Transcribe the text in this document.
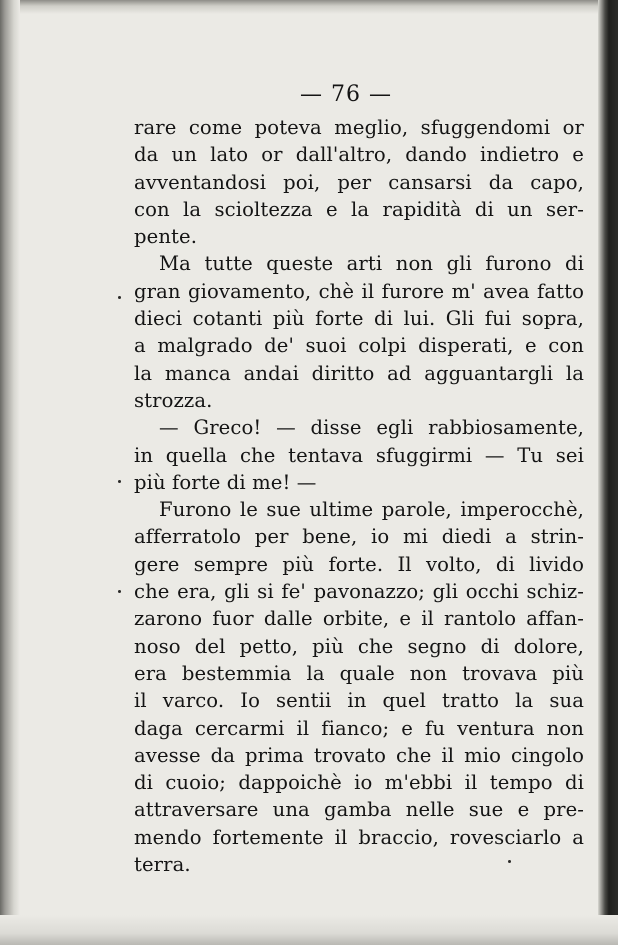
— 76 —
rare come poteva meglio, sfuggendomi or
da un lato or dall'altro, dando indietro e
avventandosi poi, per cansarsi da capo,
con la scioltezza e la rapidità di un ser-
pente.
Ma tutte queste arti non gli furono di
gran giovamento, chè il furore m' avea fatto
dieci cotanti più forte di lui. Gli fui sopra,
a malgrado de' suoi colpi disperati, e con
la manca andai diritto ad agguantargli la
strozza.
— Greco! — disse egli rabbiosamente,
in quella che tentava sfuggirmi — Tu sei
più forte di me! —
Furono le sue ultime parole, imperocchè,
afferratolo per bene, io mi diedi a strin-
gere sempre più forte. Il volto, di livido
che era, gli si fe' pavonazzo; gli occhi schiz-
zarono fuor dalle orbite, e il rantolo affan-
noso del petto, più che segno di dolore,
era bestemmia la quale non trovava più
il varco. Io sentii in quel tratto la sua
daga cercarmi il fianco; e fu ventura non
avesse da prima trovato che il mio cingolo
di cuoio; dappoichè io m'ebbi il tempo di
attraversare una gamba nelle sue e pre-
mendo fortemente il braccio, rovesciarlo a
terra.
